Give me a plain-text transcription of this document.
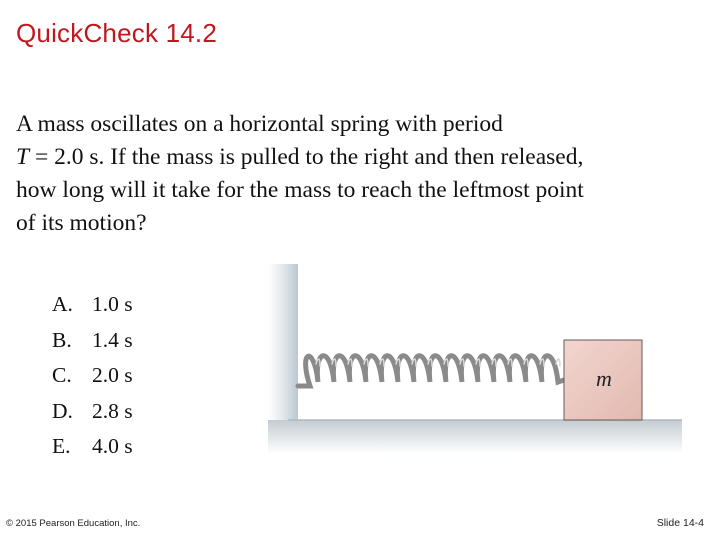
QuickCheck 14.2
A mass oscillates on a horizontal spring with period
T = 2.0 s. If the mass is pulled to the right and then released,
how long will it take for the mass to reach the leftmost point
of its motion?
A. 1.0 s
B. 1.4 s
C. 2.0 s
D. 2.8 s
E. 4.0 s
m
© 2015 Pearson Education, Inc.	Slide 14-4
